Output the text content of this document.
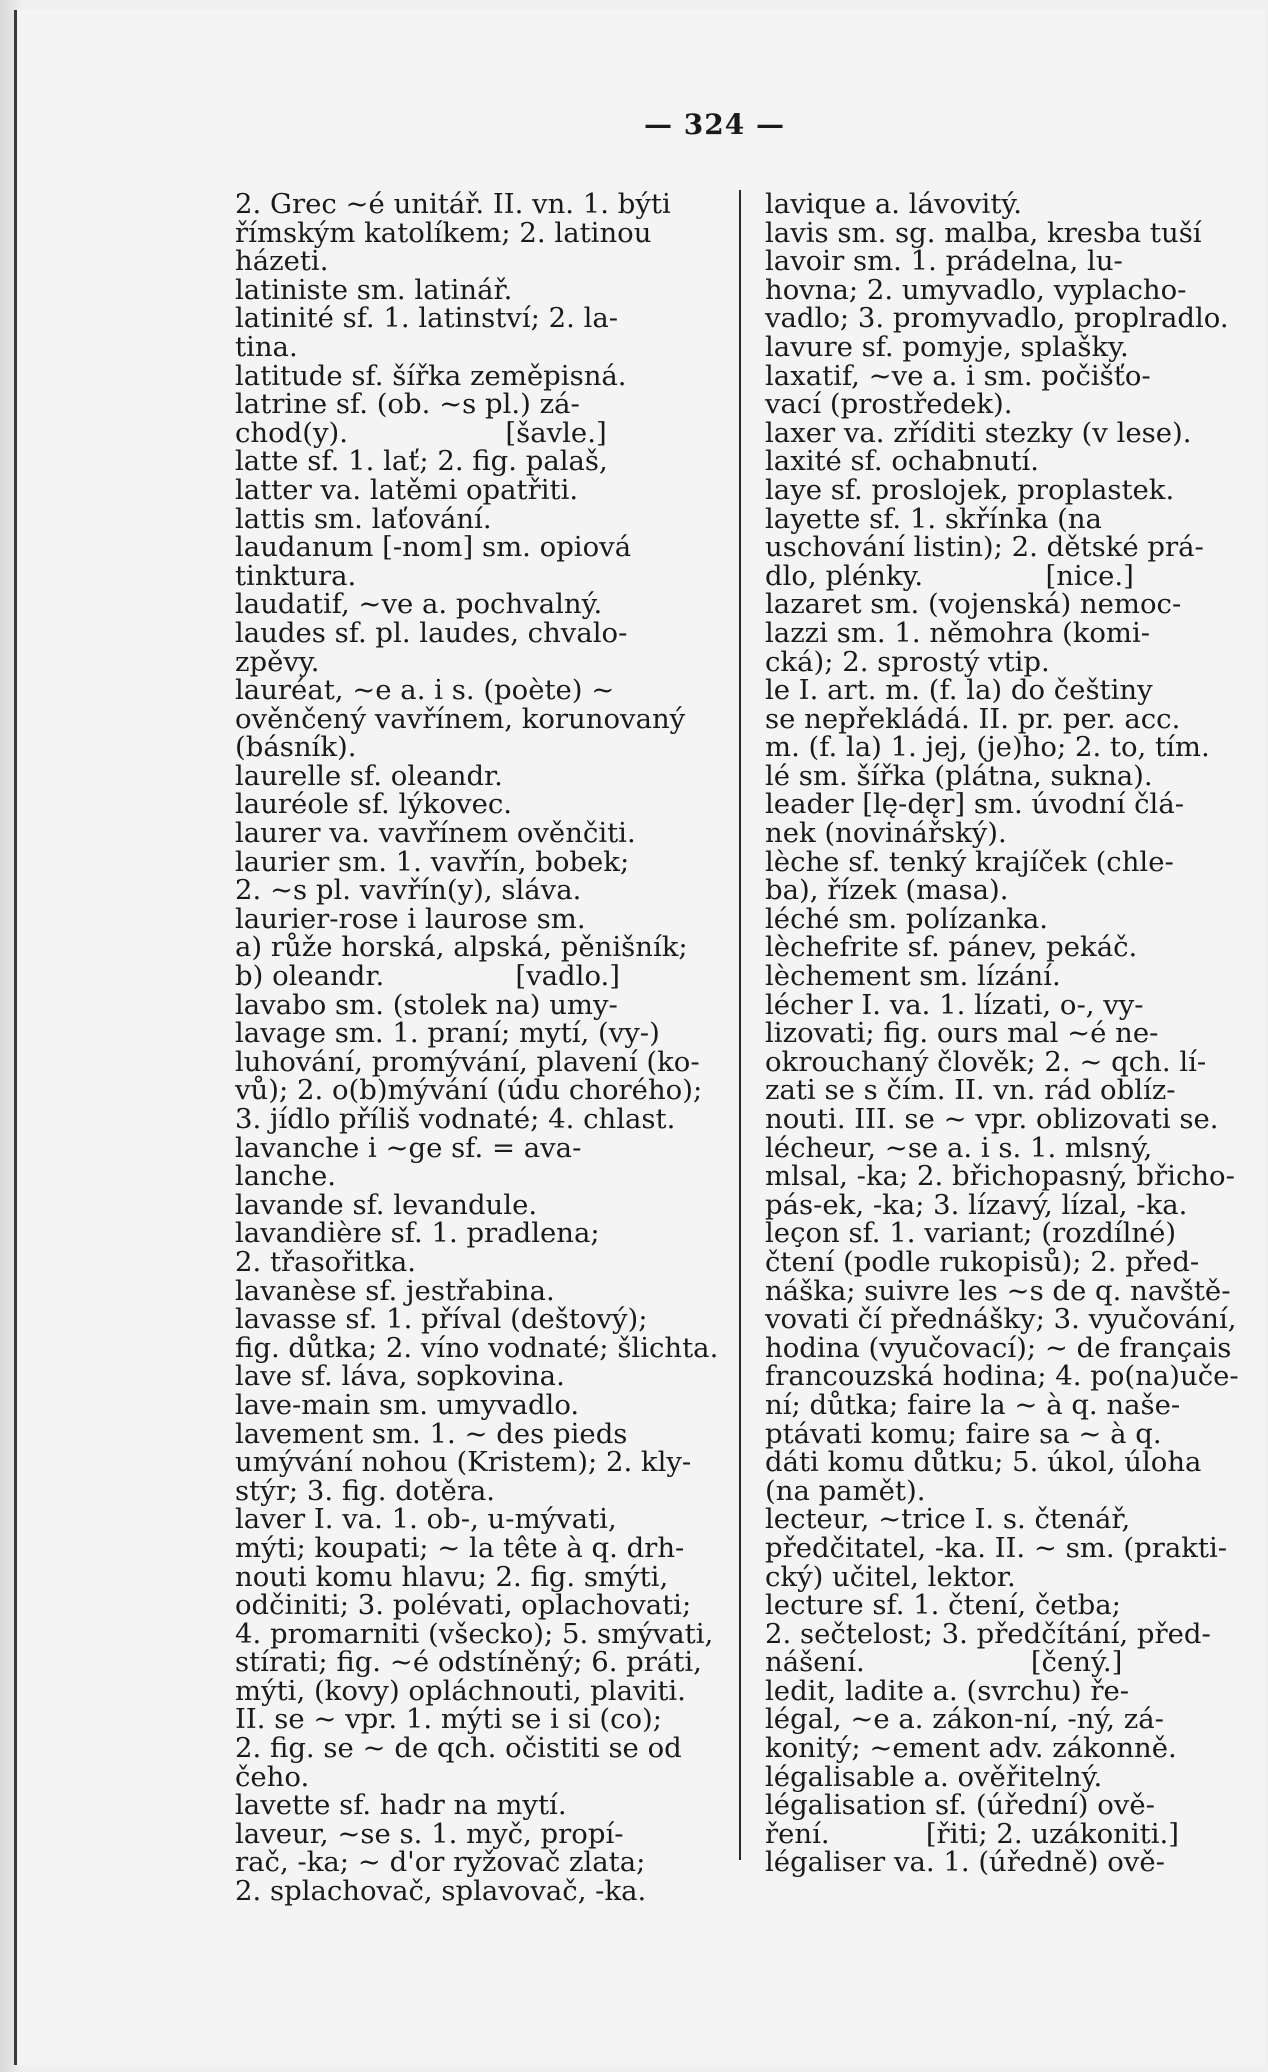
— 324 —
2. Grec ~é unitář. II. vn. 1. býti
římským katolíkem; 2. latinou
házeti.
latiniste sm. latinář.
latinité sf. 1. latinství; 2. la-
tina.
latitude sf. šířka zeměpisná.
latrine sf. (ob. ~s pl.) zá-
chod(y).                  [šavle.]
latte sf. 1. lať; 2. fig. palaš,
latter va. latěmi opatřiti.
lattis sm. laťování.
laudanum [-nom] sm. opiová
tinktura.
laudatif, ~ve a. pochvalný.
laudes sf. pl. laudes, chvalo-
zpěvy.
lauréat, ~e a. i s. (poète) ~
ověnčený vavřínem, korunovaný
(básník).
laurelle sf. oleandr.
lauréole sf. lýkovec.
laurer va. vavřínem ověnčiti.
laurier sm. 1. vavřín, bobek;
2. ~s pl. vavřín(y), sláva.
laurier-rose i laurose sm.
a) růže horská, alpská, pěnišník;
b) oleandr.               [vadlo.]
lavabo sm. (stolek na) umy-
lavage sm. 1. praní; mytí, (vy-)
luhování, promývání, plavení (ko-
vů); 2. o(b)mývání (údu chorého);
3. jídlo příliš vodnaté; 4. chlast.
lavanche i ~ge sf. = ava-
lanche.
lavande sf. levandule.
lavandière sf. 1. pradlena;
2. třasořitka.
lavanèse sf. jestřabina.
lavasse sf. 1. příval (deštový);
fig. důtka; 2. víno vodnaté; šlichta.
lave sf. láva, sopkovina.
lave-main sm. umyvadlo.
lavement sm. 1. ~ des pieds
umývání nohou (Kristem); 2. kly-
stýr; 3. fig. dotěra.
laver I. va. 1. ob-, u-mývati,
mýti; koupati; ~ la tête à q. drh-
nouti komu hlavu; 2. fig. smýti,
odčiniti; 3. polévati, oplachovati;
4. promarniti (všecko); 5. smývati,
stírati; fig. ~é odstíněný; 6. práti,
mýti, (kovy) opláchnouti, plaviti.
II. se ~ vpr. 1. mýti se i si (co);
2. fig. se ~ de qch. očistiti se od
čeho.
lavette sf. hadr na mytí.
laveur, ~se s. 1. myč, propí-
rač, -ka; ~ d'or ryžovač zlata;
2. splachovač, splavovač, -ka.
lavique a. lávovitý.
lavis sm. sg. malba, kresba tuší
lavoir sm. 1. prádelna, lu-
hovna; 2. umyvadlo, vyplacho-
vadlo; 3. promyvadlo, proplradlo.
lavure sf. pomyje, splašky.
laxatif, ~ve a. i sm. počišťo-
vací (prostředek).
laxer va. zříditi stezky (v lese).
laxité sf. ochabnutí.
laye sf. proslojek, proplastek.
layette sf. 1. skřínka (na
uschování listin); 2. dětské prá-
dlo, plénky.              [nice.]
lazaret sm. (vojenská) nemoc-
lazzi sm. 1. němohra (komi-
cká); 2. sprostý vtip.
le I. art. m. (f. la) do češtiny
se nepřekládá. II. pr. per. acc.
m. (f. la) 1. jej, (je)ho; 2. to, tím.
lé sm. šířka (plátna, sukna).
leader [lę-dęr] sm. úvodní člá-
nek (novinářský).
lèche sf. tenký krajíček (chle-
ba), řízek (masa).
léché sm. polízanka.
lèchefrite sf. pánev, pekáč.
lèchement sm. lízání.
lécher I. va. 1. lízati, o-, vy-
lizovati; fig. ours mal ~é ne-
okrouchaný člověk; 2. ~ qch. lí-
zati se s čím. II. vn. rád oblíz-
nouti. III. se ~ vpr. oblizovati se.
lécheur, ~se a. i s. 1. mlsný,
mlsal, -ka; 2. břichopasný, břicho-
pás-ek, -ka; 3. lízavý, lízal, -ka.
leçon sf. 1. variant; (rozdílné)
čtení (podle rukopisů); 2. před-
náška; suivre les ~s de q. navště-
vovati čí přednášky; 3. vyučování,
hodina (vyučovací); ~ de français
francouzská hodina; 4. po(na)uče-
ní; důtka; faire la ~ à q. naše-
ptávati komu; faire sa ~ à q.
dáti komu důtku; 5. úkol, úloha
(na pamět).
lecteur, ~trice I. s. čtenář,
předčitatel, -ka. II. ~ sm. (prakti-
cký) učitel, lektor.
lecture sf. 1. čtení, četba;
2. sečtelost; 3. předčítání, před-
nášení.                   [čený.]
ledit, ladite a. (svrchu) ře-
légal, ~e a. zákon-ní, -ný, zá-
konitý; ~ement adv. zákonně.
légalisable a. ověřitelný.
légalisation sf. (úřední) ově-
ření.           [řiti; 2. uzákoniti.]
légaliser va. 1. (úředně) ově-
